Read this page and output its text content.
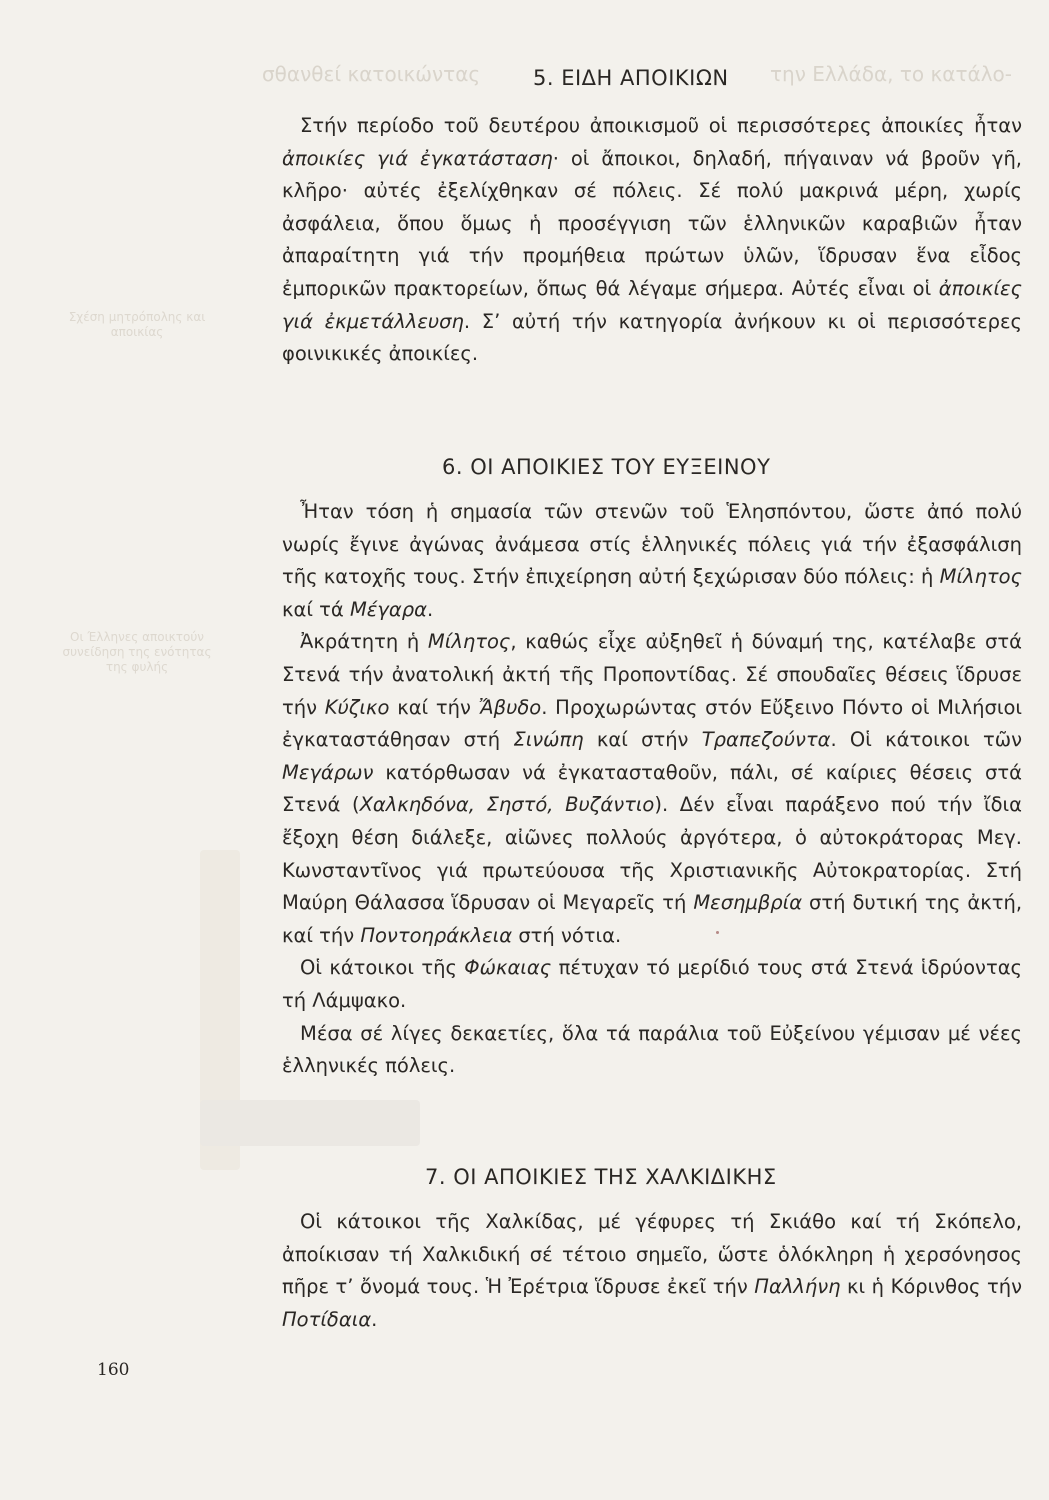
σθανθεί κατοικώντας	την Ελλάδα, το κατάλο-
Σχέση μητρόπολης και αποικίας
Οι Έλληνες αποικτούν συνείδηση της ενότητας της φυλής
5. ΕΙΔΗ ΑΠΟΙΚΙΩΝ

Στήν περίοδο τοῦ δευτέρου ἀποικισμοῦ οἱ περισσότερες ἀποικίες ἦταν ἀποικίες γιά ἐγκατάσταση· οἱ ἄποικοι, δηλαδή, πήγαιναν νά βροῦν γῆ, κλῆρο· αὐτές ἐξελίχθηκαν σέ πόλεις. Σέ πολύ μακρινά μέρη, χωρίς ἀσφάλεια, ὅπου ὅμως ἡ προσέγγιση τῶν ἑλληνικῶν καραβιῶν ἦταν ἀπαραίτητη γιά τήν προμήθεια πρώτων ὑλῶν, ἵδρυσαν ἕνα εἶδος ἐμπορικῶν πρακτορείων, ὅπως θά λέγαμε σήμερα. Αὐτές εἶναι οἱ ἀποικίες γιά ἐκμετάλλευση. Σ’ αὐτή τήν κατηγορία ἀνήκουν κι οἱ περισσότερες φοινικικές ἀποικίες.

6. ΟΙ ΑΠΟΙΚΙΕΣ ΤΟΥ ΕΥΞΕΙΝΟΥ

Ἦταν τόση ἡ σημασία τῶν στενῶν τοῦ Ἑλησπόντου, ὥστε ἀπό πολύ νωρίς ἔγινε ἀγώνας ἀνάμεσα στίς ἑλληνικές πόλεις γιά τήν ἐξασφάλιση τῆς κατοχῆς τους. Στήν ἐπιχείρηση αὐτή ξεχώρισαν δύο πόλεις: ἡ Μίλητος καί τά Μέγαρα.

Ἀκράτητη ἡ Μίλητος, καθώς εἶχε αὐξηθεῖ ἡ δύναμή της, κατέλαβε στά Στενά τήν ἀνατολική ἀκτή τῆς Προποντίδας. Σέ σπουδαῖες θέσεις ἵδρυσε τήν Κύζικο καί τήν Ἄβυδο. Προχωρώντας στόν Εὔξεινο Πόντο οἱ Μιλήσιοι ἐγκαταστάθησαν στή Σινώπη καί στήν Τραπεζούντα. Οἱ κάτοικοι τῶν Μεγάρων κατόρθωσαν νά ἐγκατασταθοῦν, πάλι, σέ καίριες θέσεις στά Στενά (Χαλκηδόνα, Σηστό, Βυζάντιο). Δέν εἶναι παράξενο πού τήν ἴδια ἔξοχη θέση διάλεξε, αἰῶνες πολλούς ἀργότερα, ὁ αὐτοκράτορας Μεγ. Κωνσταντῖνος γιά πρωτεύουσα τῆς Χριστιανικῆς Αὐτοκρατορίας. Στή Μαύρη Θάλασσα ἵδρυσαν οἱ Μεγαρεῖς τή Μεσημβρία στή δυτική της ἀκτή, καί τήν Ποντοηράκλεια στή νότια.

Οἱ κάτοικοι τῆς Φώκαιας πέτυχαν τό μερίδιό τους στά Στενά ἱδρύοντας τή Λάμψακο.

Μέσα σέ λίγες δεκαετίες, ὅλα τά παράλια τοῦ Εὐξείνου γέμισαν μέ νέες ἑλληνικές πόλεις.

7. ΟΙ ΑΠΟΙΚΙΕΣ ΤΗΣ ΧΑΛΚΙΔΙΚΗΣ

Οἱ κάτοικοι τῆς Χαλκίδας, μέ γέφυρες τή Σκιάθο καί τή Σκόπελο, ἀποίκισαν τή Χαλκιδική σέ τέτοιο σημεῖο, ὥστε ὁλόκληρη ἡ χερσόνησος πῆρε τ’ ὄνομά τους. Ἡ Ἐρέτρια ἵδρυσε ἐκεῖ τήν Παλλήνη κι ἡ Κόρινθος τήν Ποτίδαια.

160
